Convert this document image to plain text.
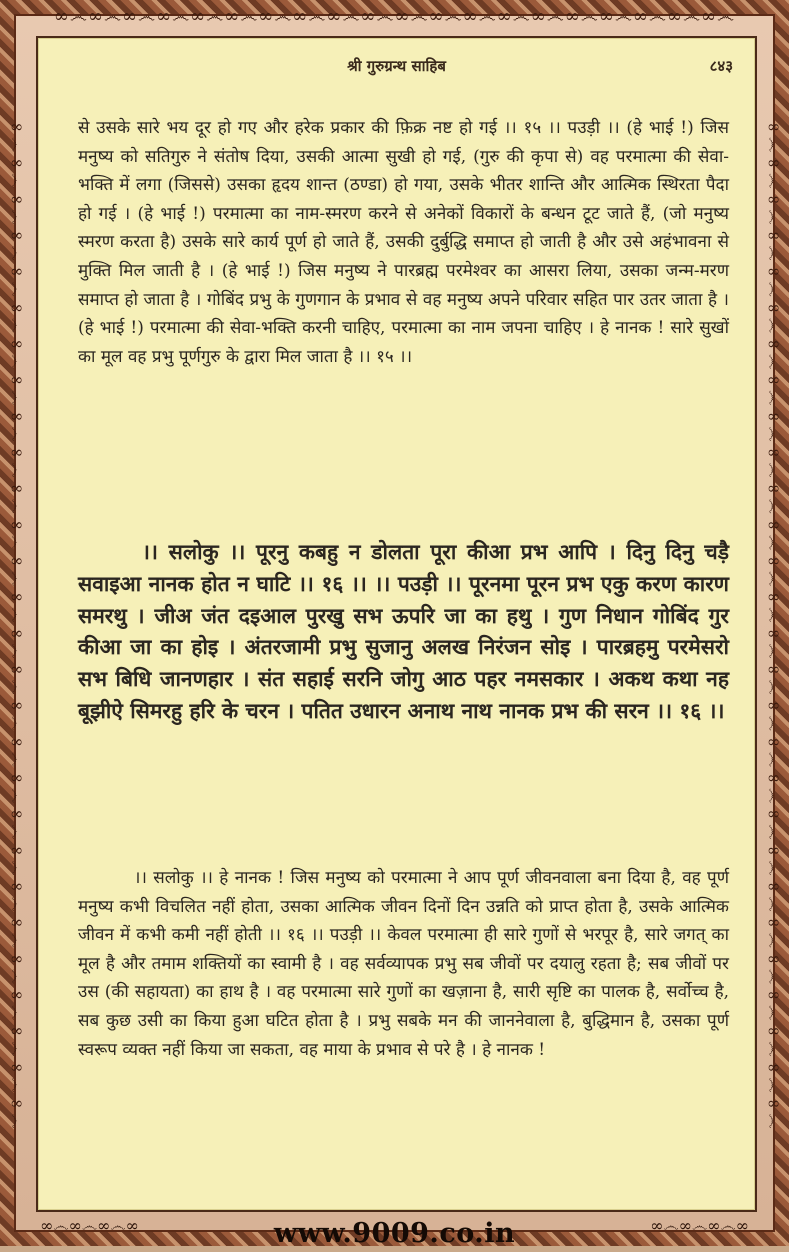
∞෴∞෴∞෴∞෴∞෴∞෴∞෴∞෴∞෴∞෴∞෴∞෴∞෴∞෴∞෴∞෴∞෴∞෴∞෴∞෴
∞෴∞෴∞෴∞෴∞෴∞෴∞෴∞෴∞෴∞෴∞෴∞෴∞෴∞෴∞෴∞෴∞෴∞෴∞෴∞෴∞෴∞෴∞෴∞෴∞෴∞෴∞෴∞෴	∞෴∞෴∞෴∞෴∞෴∞෴∞෴∞෴∞෴∞෴∞෴∞෴∞෴∞෴∞෴∞෴∞෴∞෴∞෴∞෴∞෴∞෴∞෴∞෴∞෴∞෴∞෴∞෴
श्री गुरुग्रन्थ साहिब	८४३
से उसके सारे भय दूर हो गए और हरेक प्रकार की फ़िक्र नष्ट हो गई ।। १५ ।। पउड़ी ।। (हे भाई !) जिस मनुष्य को सतिगुरु ने संतोष दिया, उसकी आत्मा सुखी हो गई, (गुरु की कृपा से) वह परमात्मा की सेवा-भक्ति में लगा (जिससे) उसका हृदय शान्त (ठण्डा) हो गया, उसके भीतर शान्ति और आत्मिक स्थिरता पैदा हो गई । (हे भाई !) परमात्मा का नाम-स्मरण करने से अनेकों विकारों के बन्धन टूट जाते हैं, (जो मनुष्य स्मरण करता है) उसके सारे कार्य पूर्ण हो जाते हैं, उसकी दुर्बुद्धि समाप्त हो जाती है और उसे अहंभावना से मुक्ति मिल जाती है । (हे भाई !) जिस मनुष्य ने पारब्रह्म परमेश्वर का आसरा लिया, उसका जन्म-मरण समाप्त हो जाता है । गोबिंद प्रभु के गुणगान के प्रभाव से वह मनुष्य अपने परिवार सहित पार उतर जाता है । (हे भाई !) परमात्मा की सेवा-भक्ति करनी चाहिए, परमात्मा का नाम जपना चाहिए । हे नानक ! सारे सुखों का मूल वह प्रभु पूर्णगुरु के द्वारा मिल जाता है ।। १५ ।।
।। सलोकु ।। पूरनु कबहु न डोलता पूरा कीआ प्रभ आपि । दिनु दिनु चड़ै सवाइआ नानक होत न घाटि ।। १६ ।। ।। पउड़ी ।। पूरनमा पूरन प्रभ एकु करण कारण समरथु । जीअ जंत दइआल पुरखु सभ ऊपरि जा का हथु । गुण निधान गोबिंद गुर कीआ जा का होइ । अंतरजामी प्रभु सुजानु अलख निरंजन सोइ । पारब्रहमु परमेसरो सभ बिधि जानणहार । संत सहाई सरनि जोगु आठ पहर नमसकार । अकथ कथा नह बूझीऐ सिमरहु हरि के चरन । पतित उधारन अनाथ नाथ नानक प्रभ की सरन ।। १६ ।।
।। सलोकु ।। हे नानक ! जिस मनुष्य को परमात्मा ने आप पूर्ण जीवनवाला बना दिया है, वह पूर्ण मनुष्य कभी विचलित नहीं होता, उसका आत्मिक जीवन दिनों दिन उन्नति को प्राप्त होता है, उसके आत्मिक जीवन में कभी कमी नहीं होती ।। १६ ।। पउड़ी ।। केवल परमात्मा ही सारे गुणों से भरपूर है, सारे जगत् का मूल है और तमाम शक्तियों का स्वामी है । वह सर्वव्यापक प्रभु सब जीवों पर दयालु रहता है; सब जीवों पर उस (की सहायता) का हाथ है । वह परमात्मा सारे गुणों का खज़ाना है, सारी सृष्टि का पालक है, सर्वोच्च है, सब कुछ उसी का किया हुआ घटित होता है । प्रभु सबके मन की जाननेवाला है, बुद्धिमान है, उसका पूर्ण स्वरूप व्यक्त नहीं किया जा सकता, वह माया के प्रभाव से परे है । हे नानक !
∞෴∞෴∞෴∞	∞෴∞෴∞෴∞
www.9009.co.in
